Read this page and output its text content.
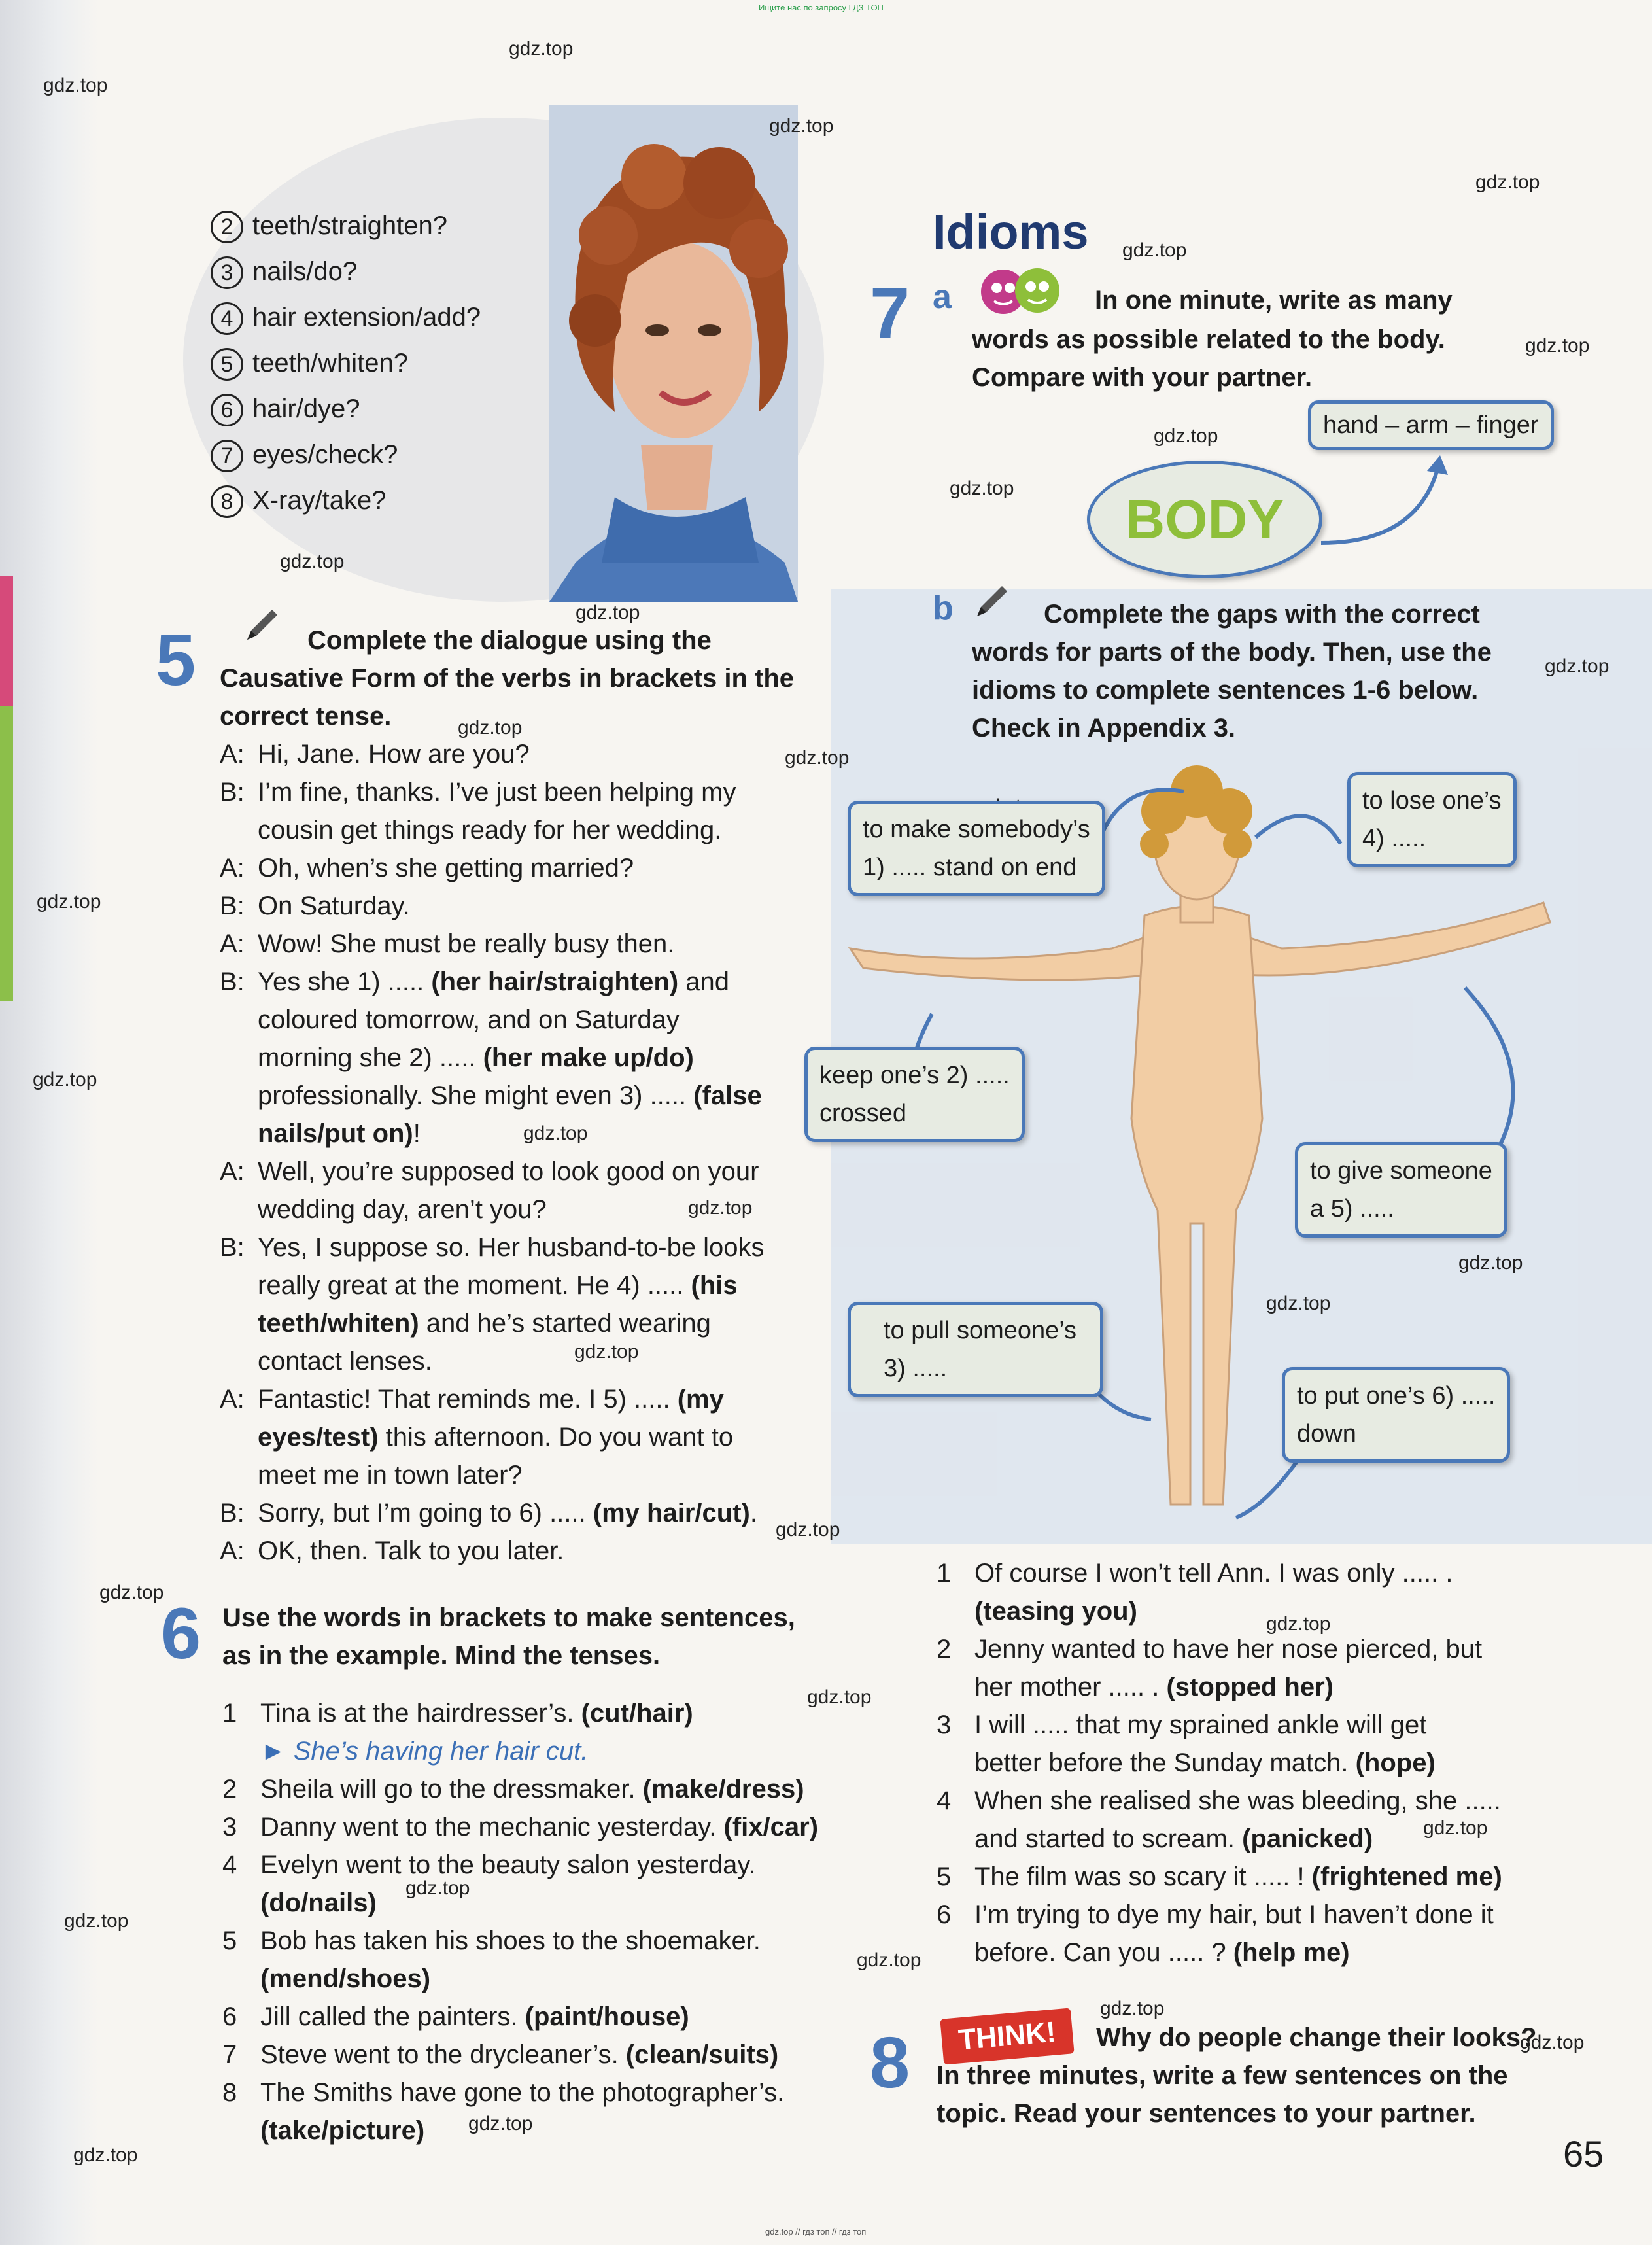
Ищите нас по запросу ГДЗ ТОП
gdz.top // гдз топ // гдз топ
gdz.top
gdz.top
gdz.top
gdz.top
gdz.top
gdz.top
gdz.top
gdz.top
gdz.top
gdz.top
gdz.top
gdz.top
gdz.top
gdz.top
gdz.top
gdz.top
gdz.top
gdz.top
gdz.top
gdz.top
gdz.top
gdz.top
gdz.top
gdz.top
gdz.top
gdz.top
gdz.top
gdz.top
gdz.top
gdz.top
gdz.top
gdz.top
2 teeth/straighten?
3 nails/do?
4 hair extension/add?
5 teeth/whiten?
6 hair/dye?
7 eyes/check?
8 X-ray/take?
5	Complete the dialogue using the
Causative Form of the verbs in brackets in the
correct tense.
A: Hi, Jane. How are you?
B: I’m fine, thanks. I’ve just been helping my
cousin get things ready for her wedding.
A: Oh, when’s she getting married?
B: On Saturday.
A: Wow! She must be really busy then.
B: Yes she 1) ..... (her hair/straighten) and
coloured tomorrow, and on Saturday
morning she 2) ..... (her make up/do)
professionally. She might even 3) ..... (false
nails/put on)!
A: Well, you’re supposed to look good on your
wedding day, aren’t you?
B: Yes, I suppose so. Her husband-to-be looks
really great at the moment. He 4) ..... (his
teeth/whiten) and he’s started wearing
contact lenses.
A: Fantastic! That reminds me. I 5) ..... (my
eyes/test) this afternoon. Do you want to
meet me in town later?
B: Sorry, but I’m going to 6) ..... (my hair/cut).
A: OK, then. Talk to you later.
6 Use the words in brackets to make sentences,
as in the example. Mind the tenses.
1 Tina is at the hairdresser’s. (cut/hair)
► She’s having her hair cut.
2 Sheila will go to the dressmaker. (make/dress)
3 Danny went to the mechanic yesterday. (fix/car)
4 Evelyn went to the beauty salon yesterday.
(do/nails)
5 Bob has taken his shoes to the shoemaker.
(mend/shoes)
6 Jill called the painters. (paint/house)
7 Steve went to the drycleaner’s. (clean/suits)
8 The Smiths have gone to the photographer’s.
(take/picture)
Idioms
7 a	In one minute, write as many
words as possible related to the body.
Compare with your partner.
hand – arm – finger
BODY
b	Complete the gaps with the correct
words for parts of the body. Then, use the
idioms to complete sentences 1-6 below.
Check in Appendix 3.
to make somebody’s
1) ..... stand on end
to lose one’s
4) .....
keep one’s 2) .....
crossed
to give someone
a 5) .....
to pull someone’s
3) .....
to put one’s 6) .....
down
1 Of course I won’t tell Ann. I was only ..... .
(teasing you)
2 Jenny wanted to have her nose pierced, but
her mother ..... . (stopped her)
3 I will ..... that my sprained ankle will get
better before the Sunday match. (hope)
4 When she realised she was bleeding, she .....
and started to scream. (panicked)
5 The film was so scary it ..... ! (frightened me)
6 I’m trying to dye my hair, but I haven’t done it
before. Can you ..... ? (help me)
8	THINK!	Why do people change their looks?
In three minutes, write a few sentences on the
topic. Read your sentences to your partner.
65
